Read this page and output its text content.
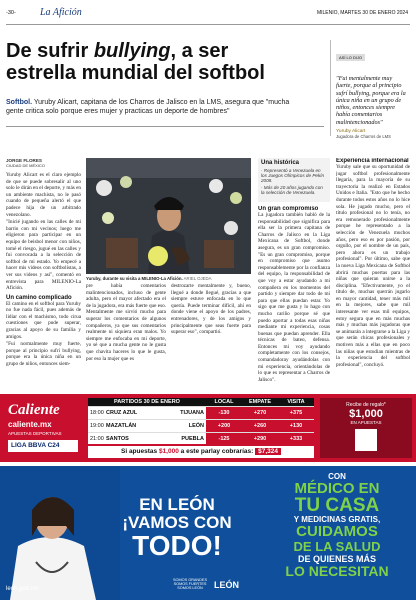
-30- La Afición	MILENIO, MARTES 30 DE ENERO 2024
De sufrir bullying, a ser
estrella mundial del softbol
Softbol. Yuruby Alicart, capitana de los Charros de Jalisco en la LMS, asegura que "mucha gente critica solo porque eres mujer y practicas un deporte de hombres"
ASÍ LO DIJO
"Fui mentalmente muy fuerte, porque al principio sufrí bullying, porque era la única niña en un grupo de niños, entonces siempre había comentarios malintencionados"
Yuruby Alicart
Jugadora de Charros de LMS
JORGE FLORES
CIUDAD DE MÉXICO
Yuruby Alicart es el claro ejemplo de que se puede sobresalir al uno solo le dirán en el deporte, y más en un ambiente machista, no le pasó cuando de pequeña alertó el que padece hija de un arbitrado venezolano.
"Inicié jugando en las calles de mi barrio con mi vecinos; luego me eligieron para participar en un equipo de beisbol menor con niños, tomé el riesgo, jugué en las calles y fui convocada a la selección de softbol de mi estado. Yo empecé a hacer mis videos con softbolistas, a ver sus videos y así", comentó en entrevista para MILENIO-La Afición.
Un camino complicado
El camino en el softbol para Yuruby no fue nada fácil, pues además de lidiar con el machismo, todo cirua cuestiones que pude superar, gracias al apoyo de su familia y amigos.
"Fui normalmente muy fuerte, porque al principio sufrí bullying, porque era la única niña en un grupo de niños, entonces siem-
Yuruby, durante su visita a MILENIO-La Afición. ARIEL OJEDA
pre había comentarios malintencionados, incluso de gente adulta, pero el mayor afectado era el de la jugadora, era más fuerte que eso. Mentalmente me sirvió mucho para superar los comentarios de algunos compañeros, ya que sus comentarios realmente ni siquiera eran malos. Yo siempre me enfocaba en mi deporte, yo sé que a mucha gente no le gusta que chavita haceres lo que le gusta, por eso la mujer que es
destrozarte mentalmente y, bueno, llegué a donde llegué, gracias a que siempre estuve enfocada en lo que quería. Puede terminar difícil, ahí en donde viene el apoyo de los padres, entrenadores, y de los amigos y principalmente que seas fuerte para superar eso", compartió.
Una histórica
· Representó a Venezuela en los Juegos Olímpicos de Pekín 2008.
· Más de 20 años jugando con la selección de Venezuela.
Un gran compromiso
La jugadora también habló de la responsabilidad que significa para ella ser la primera capitana de Charros de Jalisco en la Liga Mexicana de Softbol, donde asegura, es un gran compromiso. "Es un gran compromiso, porque en compromiso que asumo responsablemente por la confianza del equipo, la responsabilidad de que voy a estar ayudando a mi compañera en los momentos del partido y siempre dar todo de mi para que ellas puedan estar. Yo sigo que me gusta y lo hago con mucho cariño porque sé que puedo aportar a todas esas niñas mediante mi experiencia, cosas buenas que puedan aprender. Ella técnicas de bateo, defensa. Entonces mi voy ayudando completamente con los consejos, comandadoray ayudándolas con mi experiencia, orientándolas de lo que es representar a Charros de Jalisco".
Experiencia internacional
Yuruby sale que su oportunidad de jugar softbol profesionalmente llegaría, para la mayoría de su trayectoria la realizó en Estados Unidos e Italia. "Esto que he hecho durante todos estos años no lo hice sola. He jugado mucho, pero el título profesional no lo tenía, no era remunerado profesionalmente porque he representado a la selección de Venezuela muchos años, pero eso es por pasión, por orgullo, por el nombre de un país, pero ahora es un trabajo profesional". Por último, sabe que la nueva Liga Mexicana de Softbol abrirá muchas puertas para las niñas que quieran unirse a la disciplina. "Efectivamente, yo el título de, muchas querrán jugarlo en mayor cantidad, tener más mil en la mejores, sabe que mil interesante ver esas mil equipos, estoy segura que en más muchas más y muchas más jugadoras que se animarán a integrarse a la Liga y que serán chicas profesionales y motiven más a ellas que en poco las niñas que estudian mientras de la experiencia del softbol profesional", concluyó.
Caliente
caliente.mx
APUESTAS DEPORTIVAS
LIGA BBVA C24
PARTIDOS 30 DE ENERO	LOCAL	EMPATE	VISITA
18:00 CRUZ AZUL	TIJUANA	-130	+270	+375
19:00 MAZATLÁN	LEÓN	+200	+260	+130
21:00 SANTOS	PUEBLA	-125	+290	+333
Si apuestas $1,000 a este parlay cobrarías: $7,324
Recibe de regalo*
$1,000
EN APUESTAS
EN LEÓN
¡VAMOS CON
TODO!
leon.gob.mx
SOMOS GRANDES SOMOS FUERTES SOMOS LEÓN	LEÓN
CON
MÉDICO EN
TU CASA
Y MEDICINAS GRATIS,
CUIDAMOS
DE LA SALUD
DE QUIENES MÁS
LO NECESITAN
